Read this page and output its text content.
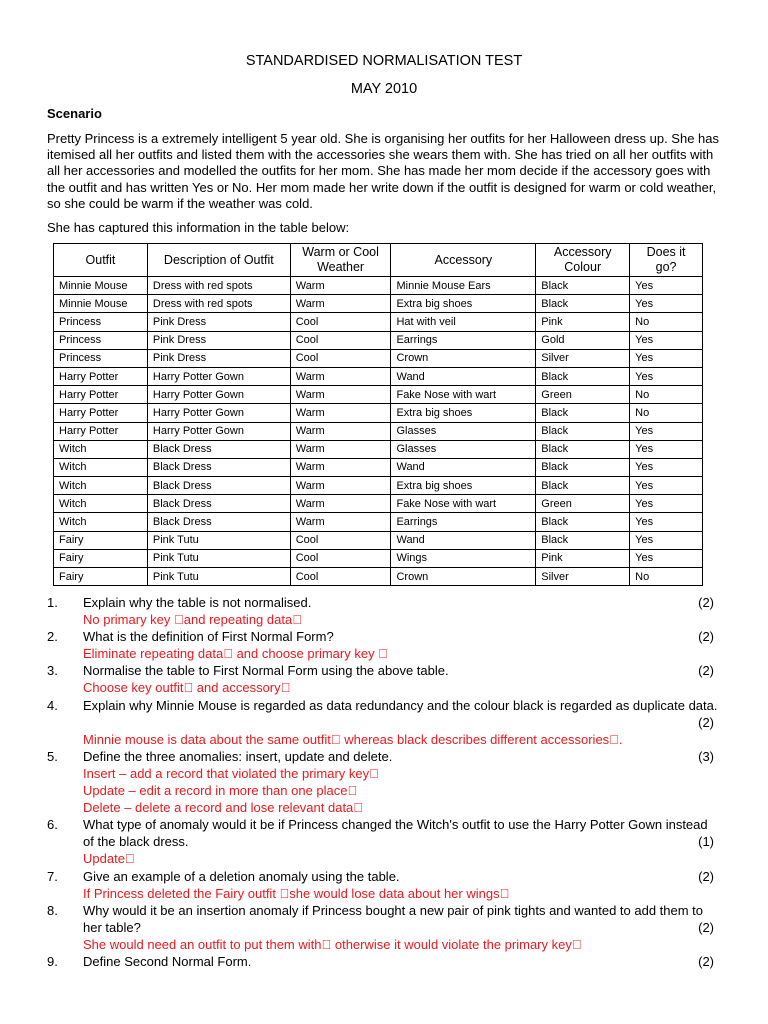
STANDARDISED NORMALISATION TEST
MAY 2010
Scenario
Pretty Princess is a extremely intelligent 5 year old. She is organising her outfits for her Halloween dress up. She has itemised all her outfits and listed them with the accessories she wears them with. She has tried on all her outfits with all her accessories and modelled the outfits for her mom. She has made her mom decide if the accessory goes with the outfit and has written Yes or No. Her mom made her write down if the outfit is designed for warm or cold weather, so she could be warm if the weather was cold.
She has captured this information in the table below:
Outfit	Description of Outfit	Warm or Cool Weather	Accessory	Accessory Colour	Does it go?
Minnie Mouse	Dress with red spots	Warm	Minnie Mouse Ears	Black	Yes
Minnie Mouse	Dress with red spots	Warm	Extra big shoes	Black	Yes
Princess	Pink Dress	Cool	Hat with veil	Pink	No
Princess	Pink Dress	Cool	Earrings	Gold	Yes
Princess	Pink Dress	Cool	Crown	Silver	Yes
Harry Potter	Harry Potter Gown	Warm	Wand	Black	Yes
Harry Potter	Harry Potter Gown	Warm	Fake Nose with wart	Green	No
Harry Potter	Harry Potter Gown	Warm	Extra big shoes	Black	No
Harry Potter	Harry Potter Gown	Warm	Glasses	Black	Yes
Witch	Black Dress	Warm	Glasses	Black	Yes
Witch	Black Dress	Warm	Wand	Black	Yes
Witch	Black Dress	Warm	Extra big shoes	Black	Yes
Witch	Black Dress	Warm	Fake Nose with wart	Green	Yes
Witch	Black Dress	Warm	Earrings	Black	Yes
Fairy	Pink Tutu	Cool	Wand	Black	Yes
Fairy	Pink Tutu	Cool	Wings	Pink	Yes
Fairy	Pink Tutu	Cool	Crown	Silver	No
1. Explain why the table is not normalised.	(2)
No primary key  and repeating data 
2. What is the definition of First Normal Form?	(2)
Eliminate repeating data  and choose primary key  
3. Normalise the table to First Normal Form using the above table.	(2)
Choose key outfit  and accessory 
4. Explain why Minnie Mouse is regarded as data redundancy and the colour black is regarded as duplicate data.
(2)
Minnie mouse is data about the same outfit  whereas black describes different accessories .
5. Define the three anomalies: insert, update and delete.	(3)
Insert – add a record that violated the primary key 
Update – edit a record in more than one place 
Delete – delete a record and lose relevant data 
6. What type of anomaly would it be if Princess changed the Witch's outfit to use the Harry Potter Gown instead
of the black dress.	(1)
Update 
7. Give an example of a deletion anomaly using the table.	(2)
If Princess deleted the Fairy outfit  she would lose data about her wings 
8. Why would it be an insertion anomaly if Princess bought a new pair of pink tights and wanted to add them to
her table?	(2)
She would need an outfit to put them with  otherwise it would violate the primary key 
9. Define Second Normal Form.	(2)
